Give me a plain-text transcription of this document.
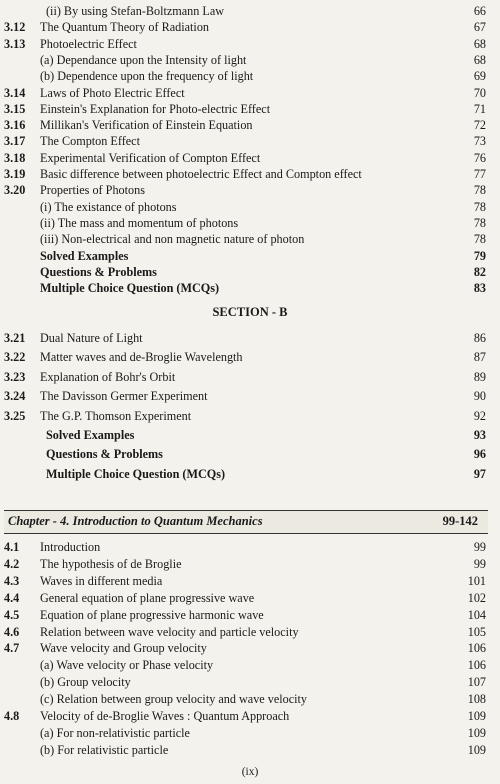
(ii) By using Stefan-Boltzmann Law	66
3.12 The Quantum Theory of Radiation	67
3.13 Photoelectric Effect	68
(a) Dependance upon the Intensity of light	68
(b) Dependence upon the frequency of light	69
3.14 Laws of Photo Electric Effect	70
3.15 Einstein's Explanation for Photo-electric Effect	71
3.16 Millikan's Verification of Einstein Equation	72
3.17 The Compton Effect	73
3.18 Experimental Verification of Compton Effect	76
3.19 Basic difference between photoelectric Effect and Compton effect	77
3.20 Properties of Photons	78
(i) The existance of photons	78
(ii) The mass and momentum of photons	78
(iii) Non-electrical and non magnetic nature of photon	78
Solved Examples	79
Questions & Problems	82
Multiple Choice Question (MCQs)	83
SECTION - B
3.21 Dual Nature of Light	86
3.22 Matter waves and de-Broglie Wavelength	87
3.23 Explanation of Bohr's Orbit	89
3.24 The Davisson Germer Experiment	90
3.25 The G.P. Thomson Experiment	92
Solved Examples	93
Questions & Problems	96
Multiple Choice Question (MCQs)	97
Chapter - 4. Introduction to Quantum Mechanics	99-142
4.1 Introduction	99
4.2 The hypothesis of de Broglie	99
4.3 Waves in different media	101
4.4 General equation of plane progressive wave	102
4.5 Equation of plane progressive harmonic wave	104
4.6 Relation between wave velocity and particle velocity	105
4.7 Wave velocity and Group velocity	106
(a) Wave velocity or Phase velocity	106
(b) Group velocity	107
(c) Relation between group velocity and wave velocity	108
4.8 Velocity of de-Broglie Waves : Quantum Approach	109
(a) For non-relativistic particle	109
(b) For relativistic particle	109
(ix)
